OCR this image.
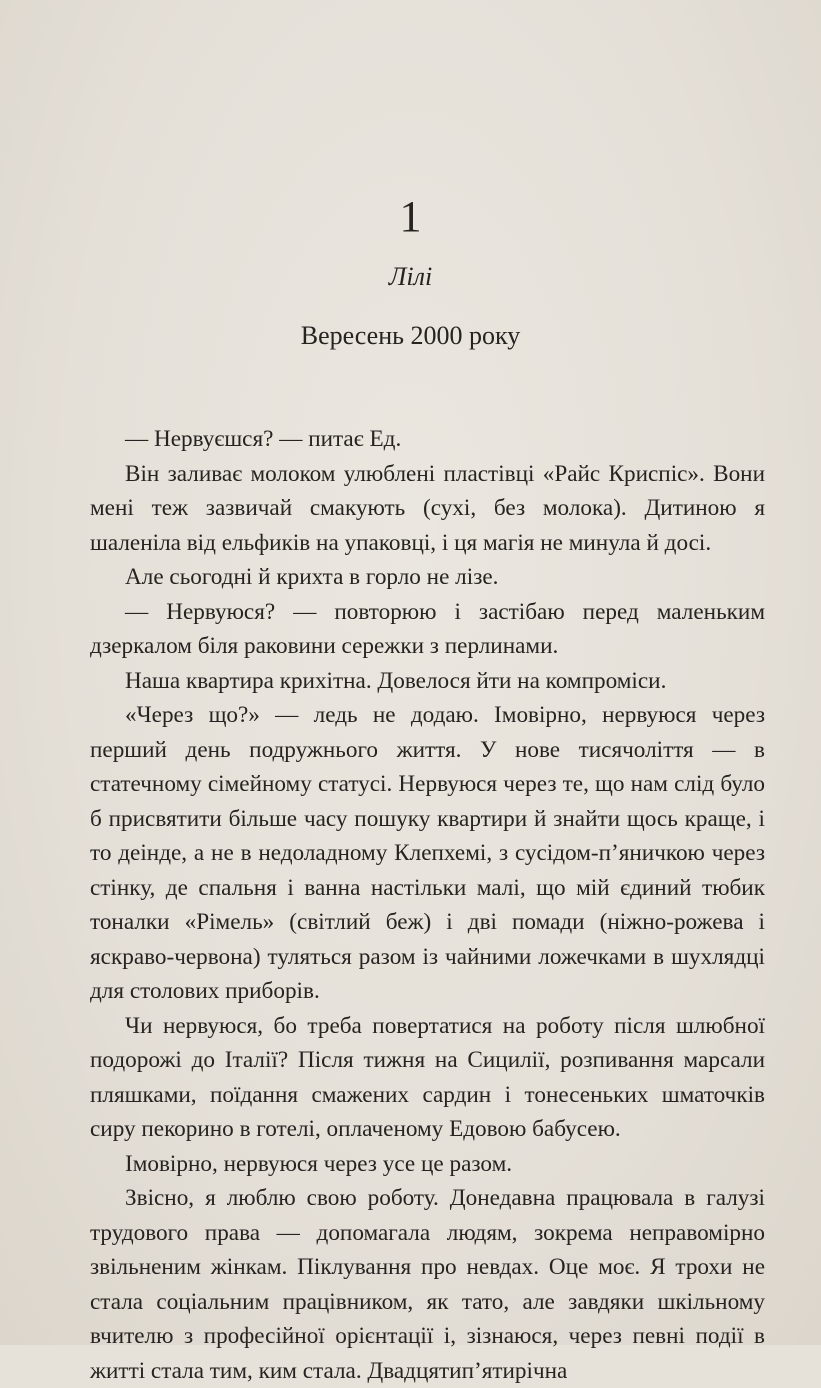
1
Лілі
Вересень 2000 року

— Нервуєшся? — питає Ед.

Він заливає молоком улюблені пластівці «Райс Криспіс». Вони мені теж зазвичай смакують (сухі, без молока). Дитиною я шаленіла від ельфиків на упаковці, і ця магія не минула й досі.

Але сьогодні й крихта в горло не лізе.

— Нервуюся? — повторюю і застібаю перед маленьким дзеркалом біля раковини сережки з перлинами.

Наша квартира крихітна. Довелося йти на компроміси.

«Через що?» — ледь не додаю. Імовірно, нервуюся через перший день подружнього життя. У нове тисячоліття — в статечному сімейному статусі. Нервуюся через те, що нам слід було б присвятити більше часу пошуку квартири й знайти щось краще, і то деінде, а не в недоладному Клепхемі, з сусідом-п’яничкою через стінку, де спальня і ванна настільки малі, що мій єдиний тюбик тоналки «Рімель» (світлий беж) і дві помади (ніжно-рожева і яскраво-червона) туляться разом із чайними ложечками в шухлядці для столових приборів.

Чи нервуюся, бо треба повертатися на роботу після шлюбної подорожі до Італії? Після тижня на Сицилії, розпивання марсали пляшками, поїдання смажених сардин і тонесеньких шматочків сиру пекорино в готелі, оплаченому Едовою бабусею.

Імовірно, нервуюся через усе це разом.

Звісно, я люблю свою роботу. Донедавна працювала в галузі трудового права — допомагала людям, зокрема неправомірно звільненим жінкам. Піклування про невдах. Оце моє. Я трохи не стала соціальним працівником, як тато, але завдяки шкільному вчителю з професійної орієнтації і, зізнаюся, через певні події в житті стала тим, ким стала. Двадцятип’ятирічна
